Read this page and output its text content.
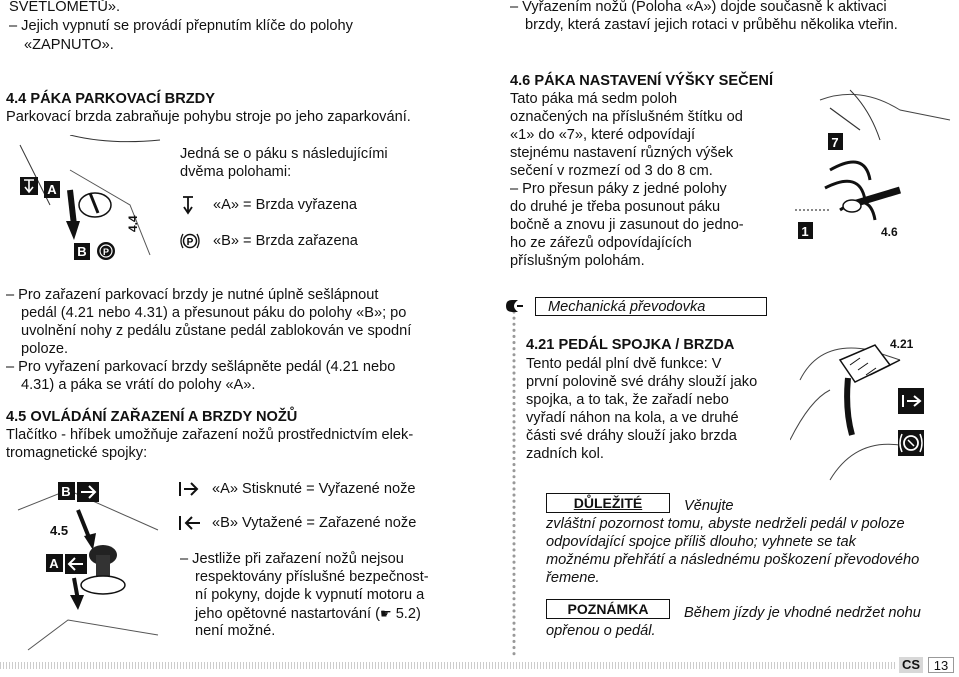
SVĚTLOMETŮ».
– Jejich vypnutí se provádí přepnutím klíče do polohy
«ZAPNUTO».
4.4 PÁKA PARKOVACÍ BRZDY
Parkovací brzda zabraňuje pohybu stroje po jeho zaparkování.
A
B P
4.4
Jedná se o páku s následujícími
dvěma polohami:
«A» = Brzda vyřazena
P «B» = Brzda zařazena
– Pro zařazení parkovací brzdy je nutné úplně sešlápnout
pedál (4.21 nebo 4.31) a přesunout páku do polohy «B»; po
uvolnění nohy z pedálu zůstane pedál zablokován ve spodní
poloze.
– Pro vyřazení parkovací brzdy sešlápněte pedál (4.21 nebo
4.31) a páka se vrátí do polohy «A».
4.5 OVLÁDÁNÍ ZAŘAZENÍ A BRZDY NOŽŮ
Tlačítko - hříbek umožňuje zařazení nožů prostřednictvím elek-
tromagnetické spojky:
B
4.5
A
«A» Stisknuté = Vyřazené nože
«B» Vytažené = Zařazené nože
– Jestliže při zařazení nožů nejsou
respektovány příslušné bezpečnost-
ní pokyny, dojde k vypnutí motoru a
jeho opětovné nastartování (☛ 5.2)
není možné.
– Vyřazením nožů (Poloha «A») dojde současně k aktivaci
brzdy, která zastaví jejich rotaci v průběhu několika vteřin.
4.6 PÁKA NASTAVENÍ VÝŠKY SEČENÍ
Tato páka má sedm poloh
označených na příslušném štítku od
«1» do «7», které odpovídají
stejnému nastavení různých výšek
sečení v rozmezí od 3 do 8 cm.
– Pro přesun páky z jedné polohy
do druhé je třeba posunout páku
bočně a znovu ji zasunout do jedno-
ho ze zářezů odpovídajících
příslušným polohám.
7
1	4.6
Mechanická převodovka
4.21 PEDÁL SPOJKA / BRZDA
Tento pedál plní dvě funkce: V
první polovině své dráhy slouží jako
spojka, a to tak, že zařadí nebo
vyřadí náhon na kola, a ve druhé
části své dráhy slouží jako brzda
zadních kol.
4.21
DŮLEŽITÉ	Věnujte
zvláštní pozornost tomu, abyste nedrželi pedál v poloze
odpovídající spojce příliš dlouho; vyhnete se tak
možnému přehřátí a následnému poškození převodového
řemene.
POZNÁMKA	Během jízdy je vhodné nedržet nohu
opřenou o pedál.
CS	13
